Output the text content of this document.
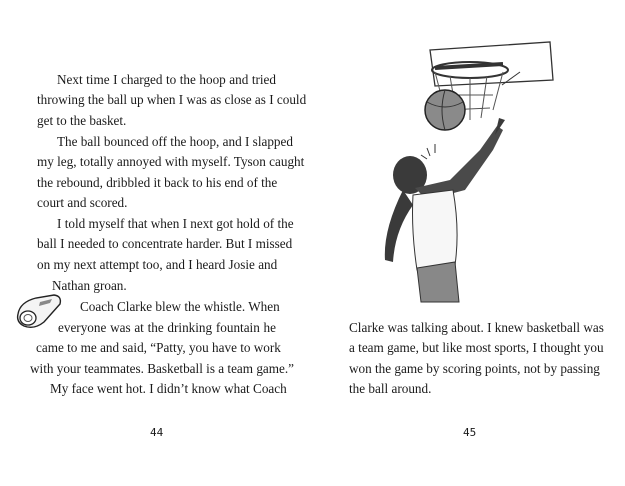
Next time I charged to the hoop and tried
throwing the ball up when I was as close as I could
get to the basket.
The ball bounced off the hoop, and I slapped
my leg, totally annoyed with myself. Tyson caught
the rebound, dribbled it back to his end of the
court and scored.
I told myself that when I next got hold of the
ball I needed to concentrate harder. But I missed
on my next attempt too, and I heard Josie and
Nathan groan.
Coach Clarke blew the whistle. When
everyone was at the drinking fountain he
came to me and said, “Patty, you have to work
with your teammates. Basketball is a team game.”
My face went hot. I didn’t know what Coach
44
Clarke was talking about. I knew basketball was
a team game, but like most sports, I thought you
won the game by scoring points, not by passing
the ball around.
45
